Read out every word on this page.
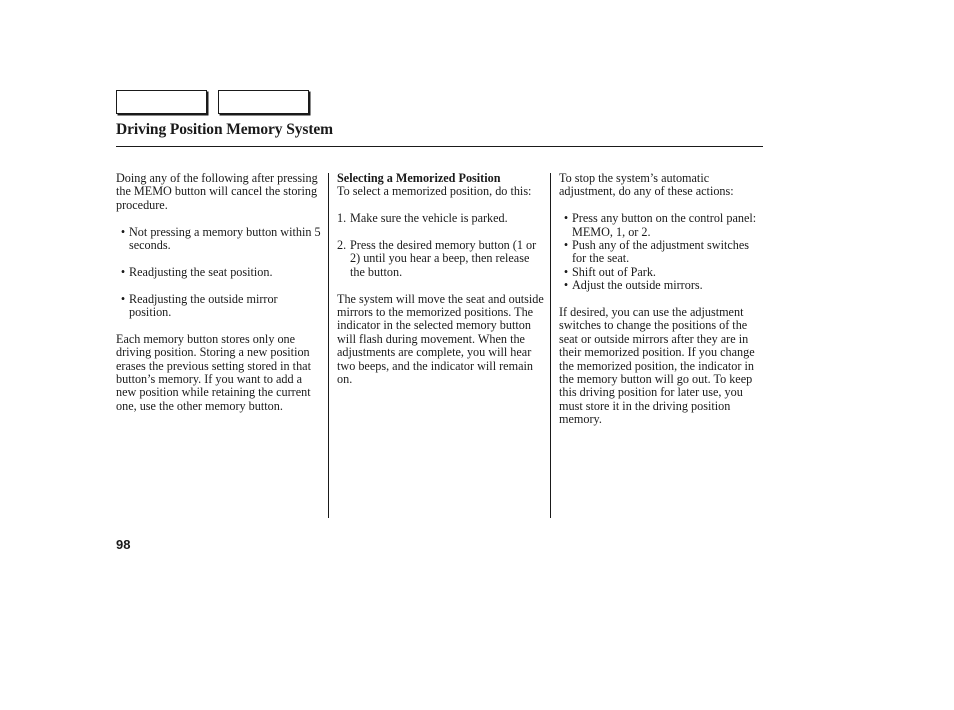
Driving Position Memory System

Doing any of the following after pressing the MEMO button will cancel the storing procedure.

• Not pressing a memory button within 5 seconds.
• Readjusting the seat position.
• Readjusting the outside mirror position.

Each memory button stores only one driving position. Storing a new position erases the previous setting stored in that button’s memory. If you want to add a new position while retaining the current one, use the other memory button.

Selecting a Memorized Position

To select a memorized position, do this:

1. Make sure the vehicle is parked.
2. Press the desired memory button (1 or 2) until you hear a beep, then release the button.

The system will move the seat and outside mirrors to the memorized positions. The indicator in the selected memory button will flash during movement. When the adjustments are complete, you will hear two beeps, and the indicator will remain on.

To stop the system’s automatic adjustment, do any of these actions:

• Press any button on the control panel: MEMO, 1, or 2.
• Push any of the adjustment switches for the seat.
• Shift out of Park.
• Adjust the outside mirrors.

If desired, you can use the adjustment switches to change the positions of the seat or outside mirrors after they are in their memorized position. If you change the memorized position, the indicator in the memory button will go out. To keep this driving position for later use, you must store it in the driving position memory.

98
